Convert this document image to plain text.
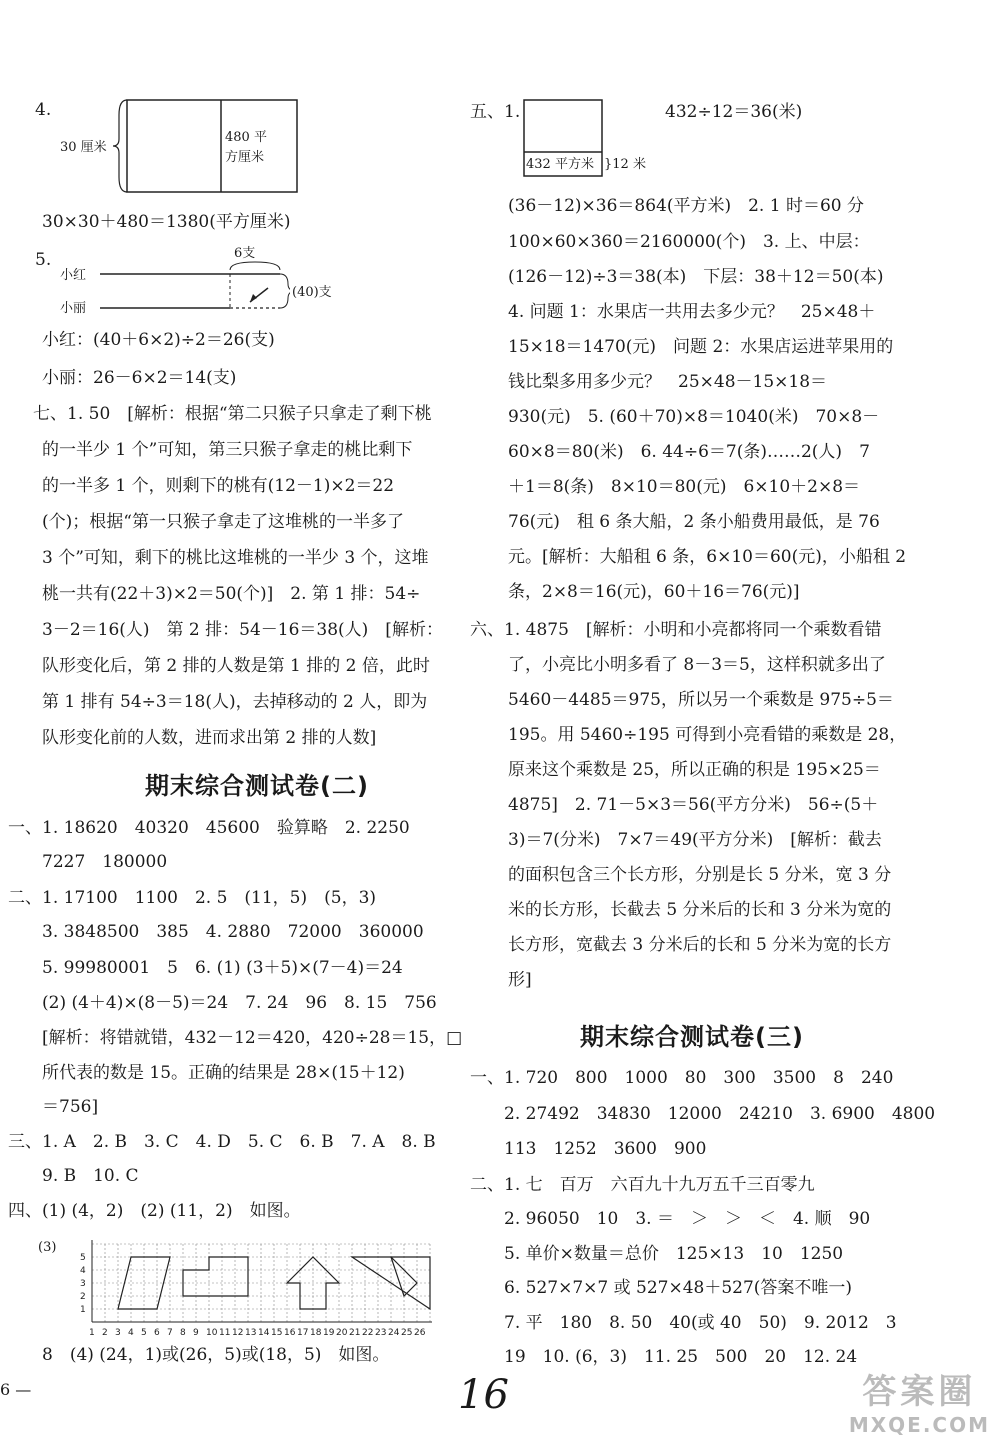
4.
30 厘米
480 平
方厘米
30×30＋480＝1380(平方厘米)
5.	6支
(40)支
小红
小丽
小红：(40＋6×2)÷2＝26(支)
小丽：26－6×2＝14(支)
七、1. 50　[解析：根据“第二只猴子只拿走了剩下桃
的一半少 1 个”可知，第三只猴子拿走的桃比剩下
的一半多 1 个，则剩下的桃有(12－1)×2＝22
(个)；根据“第一只猴子拿走了这堆桃的一半多了
3 个”可知，剩下的桃比这堆桃的一半少 3 个，这堆
桃一共有(22＋3)×2＝50(个)]　2. 第 1 排：54÷
3－2＝16(人)　第 2 排：54－16＝38(人)　[解析：
队形变化后，第 2 排的人数是第 1 排的 2 倍，此时
第 1 排有 54÷3＝18(人)，去掉移动的 2 人，即为
队形变化前的人数，进而求出第 2 排的人数]
期末综合测试卷(二)
一、1. 18620　40320　45600　验算略　2. 2250
　　7227　180000
二、1. 17100　1100　2. 5　(11，5)　(5，3)
　　3. 3848500　385　4. 2880　72000　360000
　　5. 99980001　5　6. (1) (3＋5)×(7－4)＝24
　　(2) (4＋4)×(8－5)＝24　7. 24　96　8. 15　756
　　[解析：将错就错，432－12＝420，420÷28＝15，□
　　所代表的数是 15。正确的结果是 28×(15＋12)
　　＝756]
三、1. A　2. B　3. C　4. D　5. C　6. B　7. A　8. B
　　9. B　10. C
四、(1) (4，2)　(2) (11，2)　如图。
(3)
1 2 3 4 5 6 7 8 9 10 11 12 13 14 15 16 17 18 19 20 21 22 23 24 25 26
1
2
3
4
5
　　8　(4) (24，1)或(26，5)或(18，5)　如图。
五、1.
432 平方米 }12 米
432÷12＝36(米)
(36－12)×36＝864(平方米)　2. 1 时＝60 分
100×60×360＝2160000(个)　3. 上、中层：
(126－12)÷3＝38(本)　下层：38＋12＝50(本)
4. 问题 1：水果店一共用去多少元？　25×48＋
15×18＝1470(元)　问题 2：水果店运进苹果用的
钱比梨多用多少元？　25×48－15×18＝
930(元)　5. (60＋70)×8＝1040(米)　70×8－
60×8＝80(米)　6. 44÷6＝7(条)……2(人)　7
＋1＝8(条)　8×10＝80(元)　6×10＋2×8＝
76(元)　租 6 条大船，2 条小船费用最低，是 76
元。[解析：大船租 6 条，6×10＝60(元)，小船租 2
条，2×8＝16(元)，60＋16＝76(元)]
六、1. 4875　[解析：小明和小亮都将同一个乘数看错
了，小亮比小明多看了 8－3＝5，这样积就多出了
5460－4485＝975，所以另一个乘数是 975÷5＝
195。用 5460÷195 可得到小亮看错的乘数是 28，
原来这个乘数是 25，所以正确的积是 195×25＝
4875]　2. 71－5×3＝56(平方分米)　56÷(5＋
3)＝7(分米)　7×7＝49(平方分米)　[解析：截去
的面积包含三个长方形，分别是长 5 分米，宽 3 分
米的长方形，长截去 5 分米后的长和 3 分米为宽的
长方形，宽截去 3 分米后的长和 5 分米为宽的长方
形]
期末综合测试卷(三)
一、1. 720　800　1000　80　300　3500　8　240
　　2. 27492　34830　12000　24210　3. 6900　4800
　　113　1252　3600　900
二、1. 七　百万　六百九十九万五千三百零九
　　2. 96050　10　3. ＝　＞　＞　＜　4. 顺　90
　　5. 单价×数量＝总价　125×13　10　1250
　　6. 527×7×7 或 527×48＋527(答案不唯一)
　　7. 平　180　8. 50　40(或 40　50)　9. 2012　3
　　19　10. (6，3)　11. 25　500　20　12. 24
6 —	16	答案圈
MXQE.COM
